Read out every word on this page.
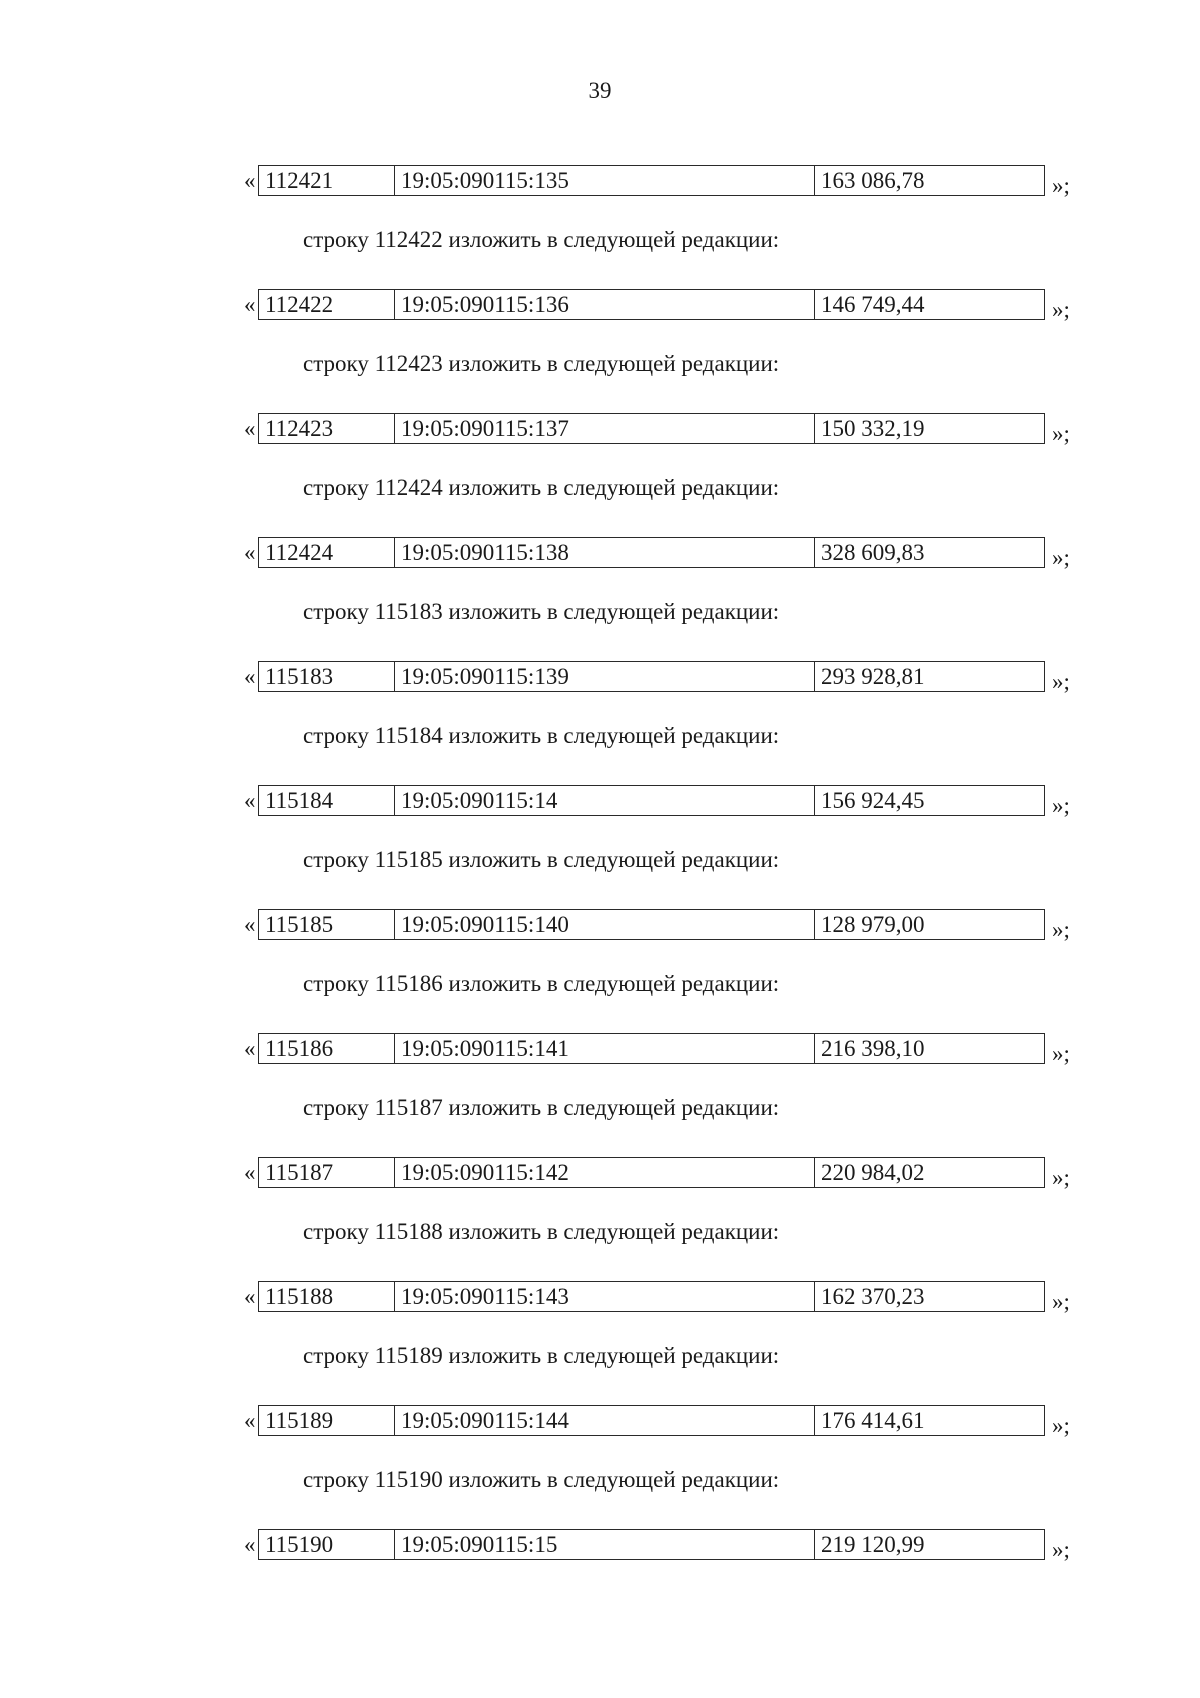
39
« 112421	19:05:090115:135	163 086,78	»;
строку 112422 изложить в следующей редакции:
« 112422	19:05:090115:136	146 749,44	»;
строку 112423 изложить в следующей редакции:
« 112423	19:05:090115:137	150 332,19	»;
строку 112424 изложить в следующей редакции:
« 112424	19:05:090115:138	328 609,83	»;
строку 115183 изложить в следующей редакции:
« 115183	19:05:090115:139	293 928,81	»;
строку 115184 изложить в следующей редакции:
« 115184	19:05:090115:14	156 924,45	»;
строку 115185 изложить в следующей редакции:
« 115185	19:05:090115:140	128 979,00	»;
строку 115186 изложить в следующей редакции:
« 115186	19:05:090115:141	216 398,10	»;
строку 115187 изложить в следующей редакции:
« 115187	19:05:090115:142	220 984,02	»;
строку 115188 изложить в следующей редакции:
« 115188	19:05:090115:143	162 370,23	»;
строку 115189 изложить в следующей редакции:
« 115189	19:05:090115:144	176 414,61	»;
строку 115190 изложить в следующей редакции:
« 115190	19:05:090115:15	219 120,99	»;
